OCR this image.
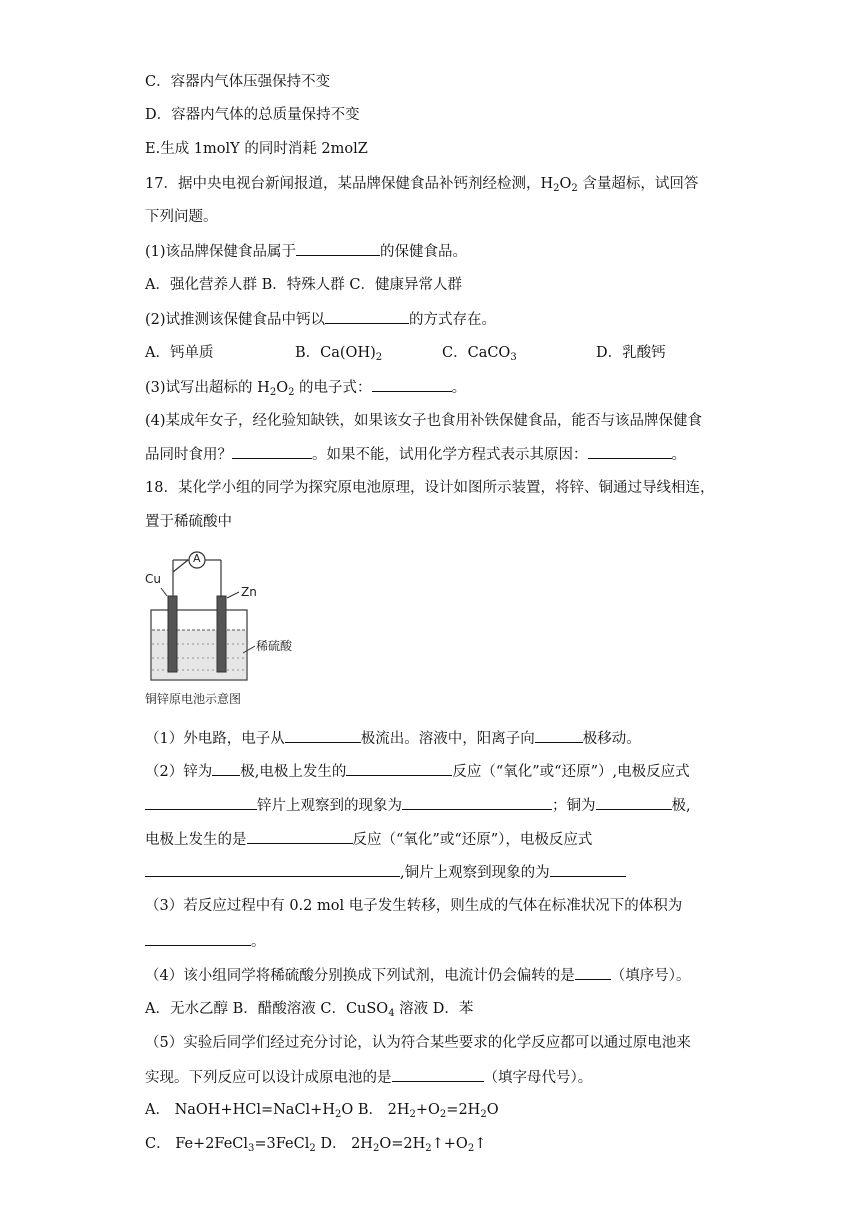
C．容器内气体压强保持不变
D．容器内气体的总质量保持不变
E.生成 1molY 的同时消耗 2molZ
17．据中央电视台新闻报道，某品牌保健食品补钙剂经检测，$H_2O_2$ 含量超标，试回答
下列问题。
(1)该品牌保健食品属于	的保健食品。
A．强化营养人群 B．特殊人群 C．健康异常人群
(2)试推测该保健食品中钙以	的方式存在。
A．钙单质	B．$Ca(OH)_2$	C．CaCO$_3$	D．乳酸钙
(3)试写出超标的 $H_2O_2$ 的电子式：	。
(4)某成年女子，经化验知缺铁，如果该女子也食用补铁保健食品，能否与该品牌保健食
品同时食用？	。如果不能，试用化学方程式表示其原因：	。
18．某化学小组的同学为探究原电池原理，设计如图所示装置，将锌、铜通过导线相连，
置于稀硫酸中
A
Cu
Zn
稀硫酸
铜锌原电池示意图
（1）外电路，电子从	极流出。溶液中，阳离子向	极移动。
（2）锌为 极,电极上发生的	反应（“氧化”或“还原”）,电极反应式
锌片上观察到的现象为	；铜为	极,
电极上发生的是	反应（“氧化”或“还原”），电极反应式
,铜片上观察到现象的为
（3）若反应过程中有 0.2 mol 电子发生转移，则生成的气体在标准状况下的体积为
。
（4）该小组同学将稀硫酸分别换成下列试剂，电流计仍会偏转的是 （填序号）。
A．无水乙醇 B．醋酸溶液 C．CuSO$_4$ 溶液 D．苯
（5）实验后同学们经过充分讨论，认为符合某些要求的化学反应都可以通过原电池来
实现。下列反应可以设计成原电池的是	（填字母代号）。
A． $NaOH+HCl=NaCl+H_2O$ B． $2H_2+O_2=2H_2O$
C． Fe+2FeCl$_3$=3FeCl$_2$ D． $2H_2O=2H_2↑+O_2↑$
